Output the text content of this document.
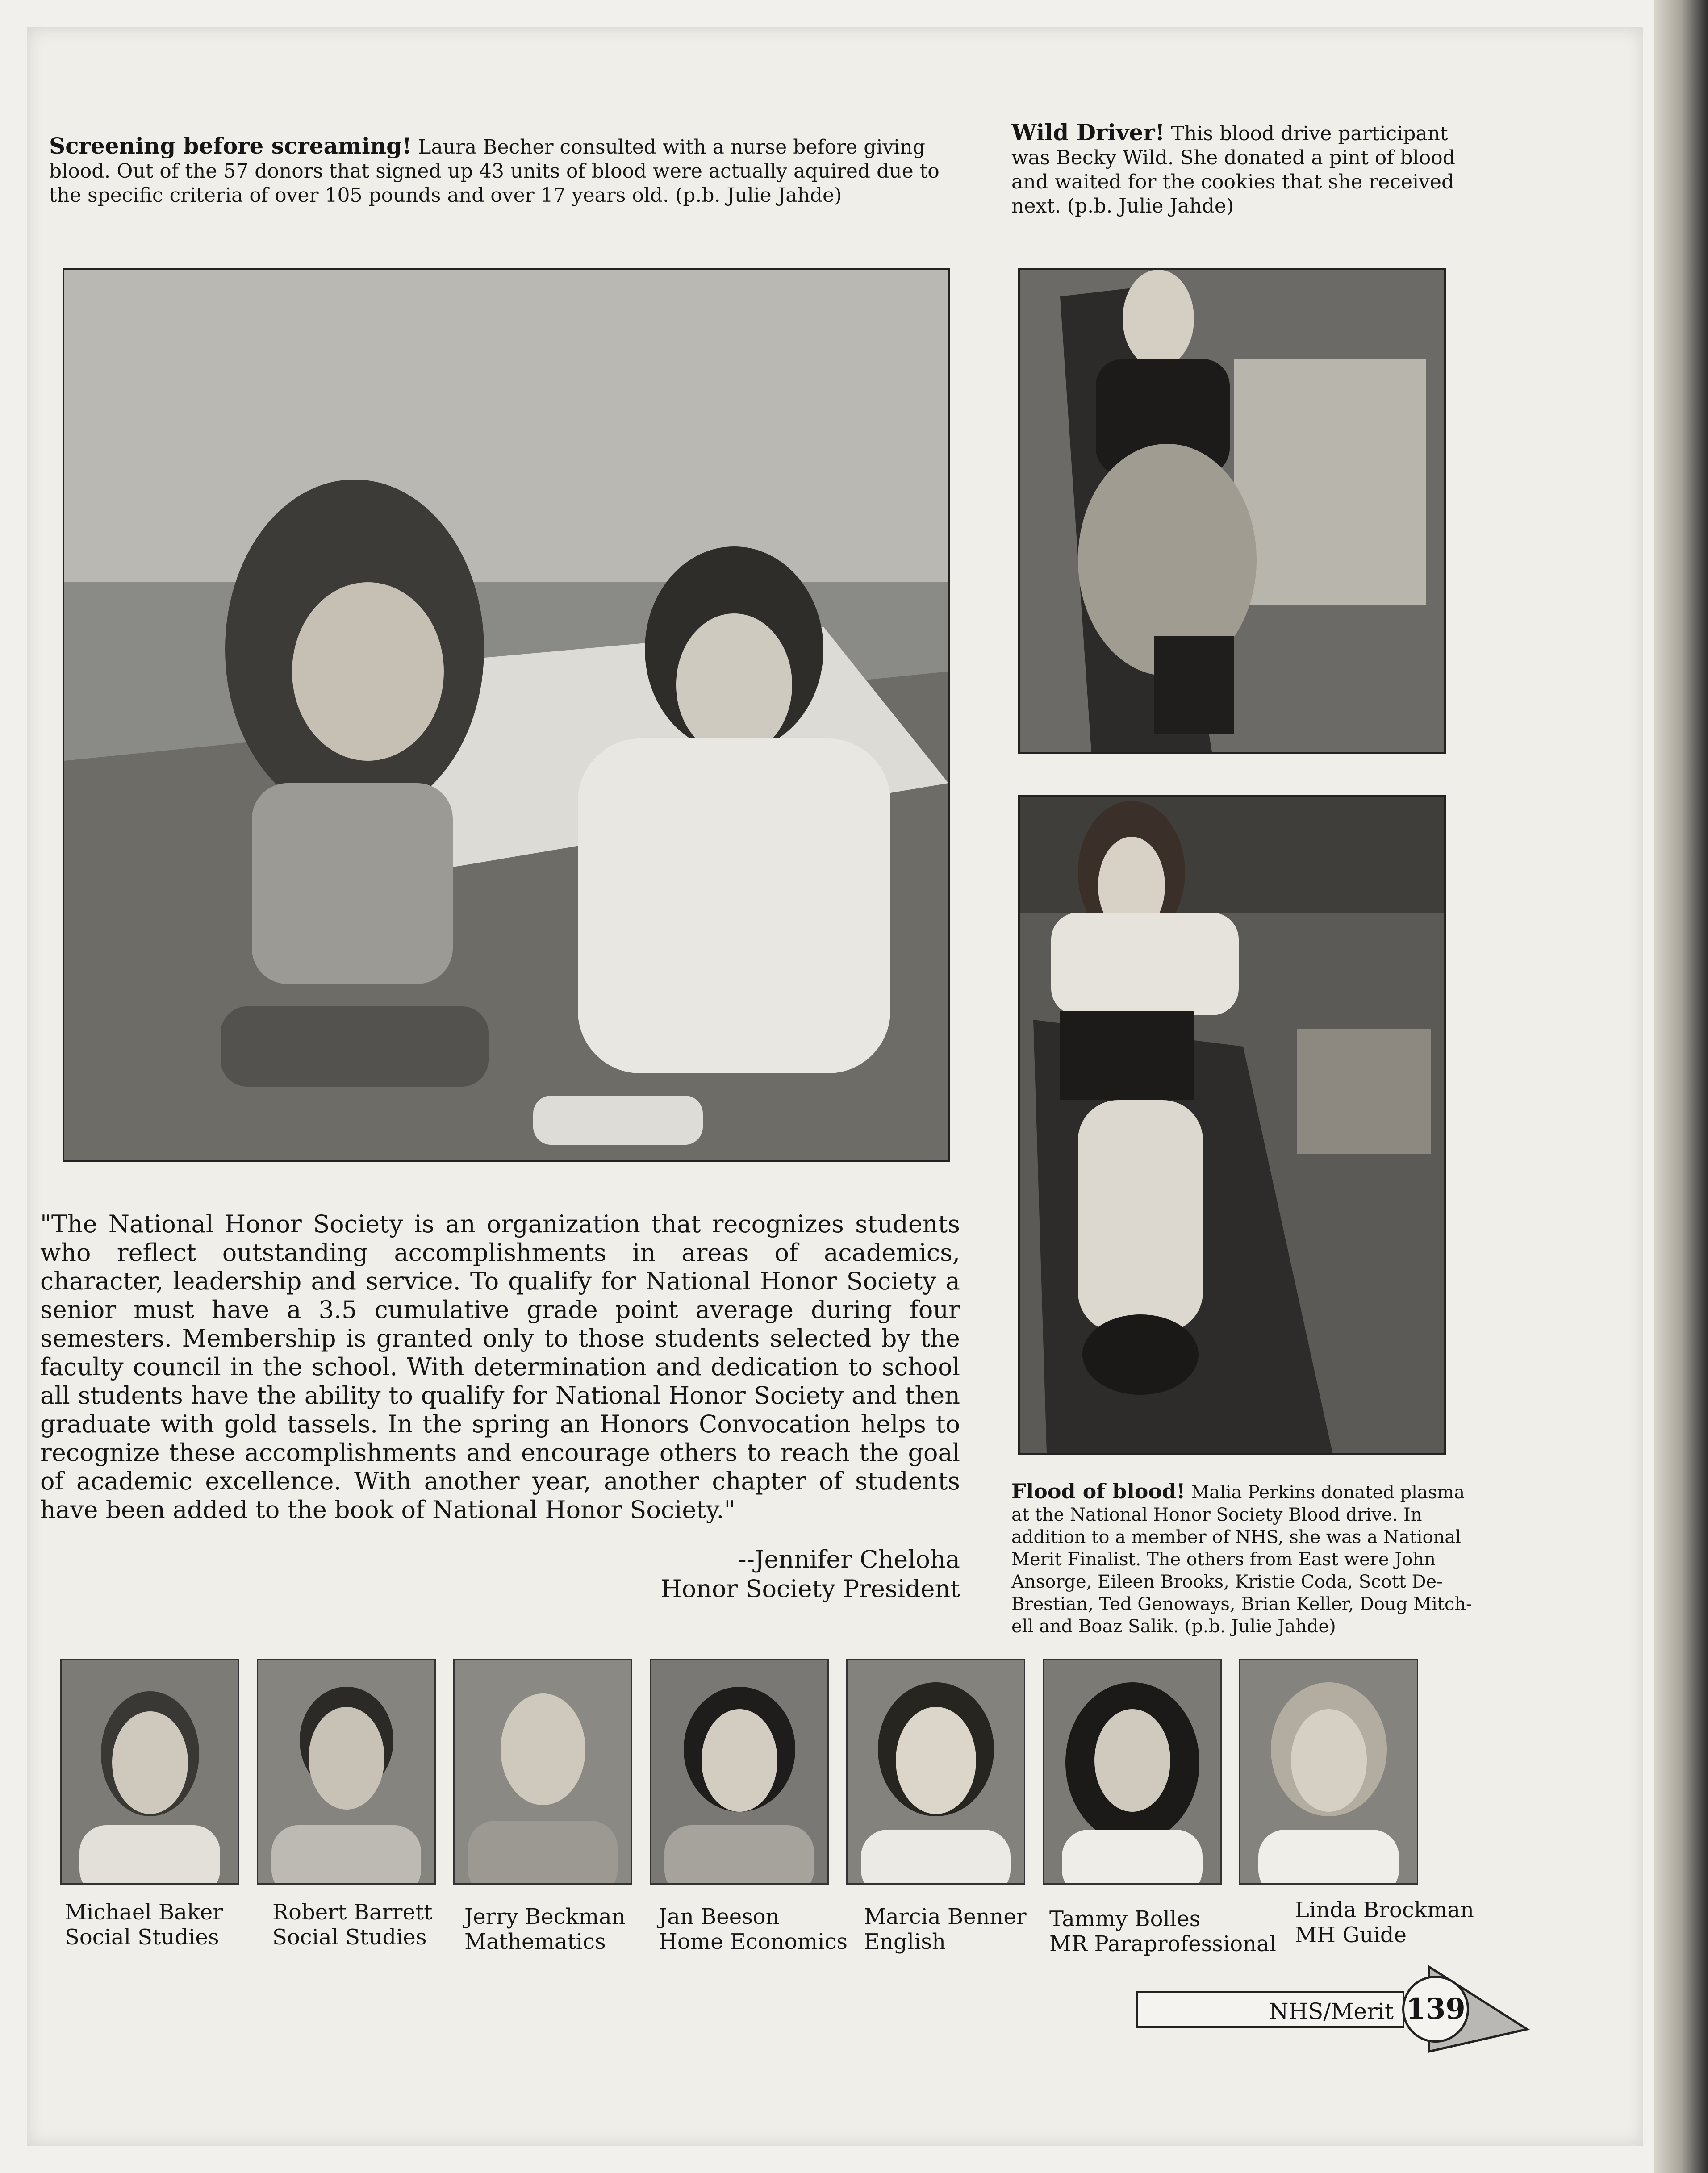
Screening before screaming! Laura Becher consulted with a nurse before giving blood. Out of the 57 donors that signed up 43 units of blood were actually aquired due to the specific criteria of over 105 pounds and over 17 years old. (p.b. Julie Jahde)
Wild Driver! This blood drive participant was Becky Wild. She donated a pint of blood and waited for the cookies that she received next. (p.b. Julie Jahde)
"The National Honor Society is an organization that recognizes students who reflect outstanding accomplishments in areas of academics, character, leadership and service. To qualify for National Honor Society a senior must have a 3.5 cumulative grade point average during four semesters. Membership is granted only to those students selected by the faculty council in the school. With determination and dedication to school all students have the ability to qualify for National Honor Society and then graduate with gold tassels. In the spring an Honors Convocation helps to recognize these accomplishments and encourage others to reach the goal of academic excellence. With another year, another chapter of students have been added to the book of National Honor Society."
--Jennifer Cheloha
Honor Society President
Flood of blood! Malia Perkins donated plasma at the National Honor Society Blood drive. In addition to a member of NHS, she was a National Merit Finalist. The others from East were John Ansorge, Eileen Brooks, Kristie Coda, Scott De-Brestian, Ted Genoways, Brian Keller, Doug Mitch-ell and Boaz Salik. (p.b. Julie Jahde)
Michael Baker
Social Studies
Robert Barrett
Social Studies
Jerry Beckman
Mathematics
Jan Beeson
Home Economics
Marcia Benner
English
Tammy Bolles
MR Paraprofessional
Linda Brockman
MH Guide
NHS/Merit 139
